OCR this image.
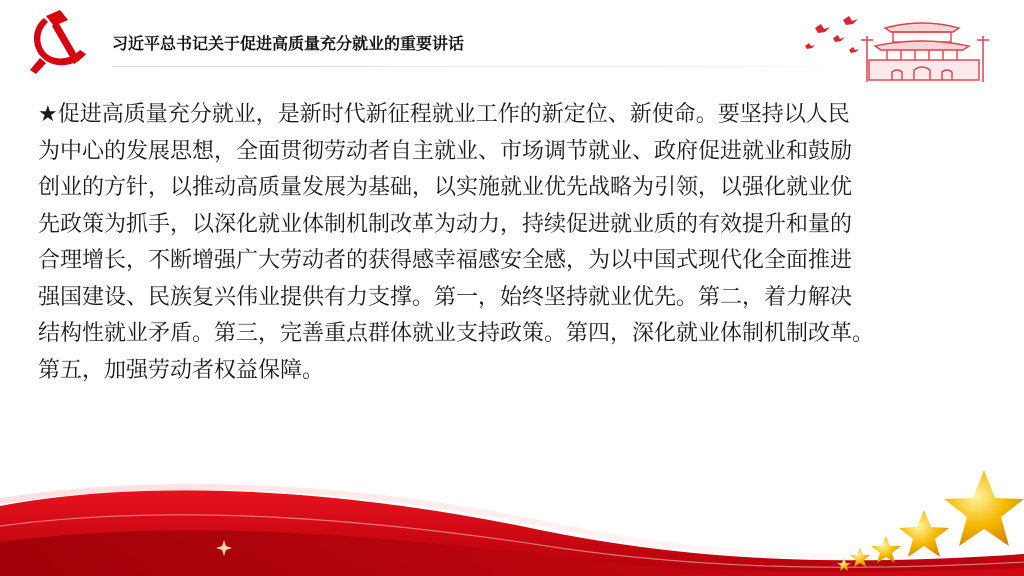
习近平总书记关于促进高质量充分就业的重要讲话
★促进高质量充分就业，是新时代新征程就业工作的新定位、新使命。要坚持以人民
为中心的发展思想，全面贯彻劳动者自主就业、市场调节就业、政府促进就业和鼓励
创业的方针，以推动高质量发展为基础，以实施就业优先战略为引领，以强化就业优
先政策为抓手，以深化就业体制机制改革为动力，持续促进就业质的有效提升和量的
合理增长，不断增强广大劳动者的获得感幸福感安全感，为以中国式现代化全面推进
强国建设、民族复兴伟业提供有力支撑。第一，始终坚持就业优先。第二，着力解决
结构性就业矛盾。第三，完善重点群体就业支持政策。第四，深化就业体制机制改革。
第五，加强劳动者权益保障。
